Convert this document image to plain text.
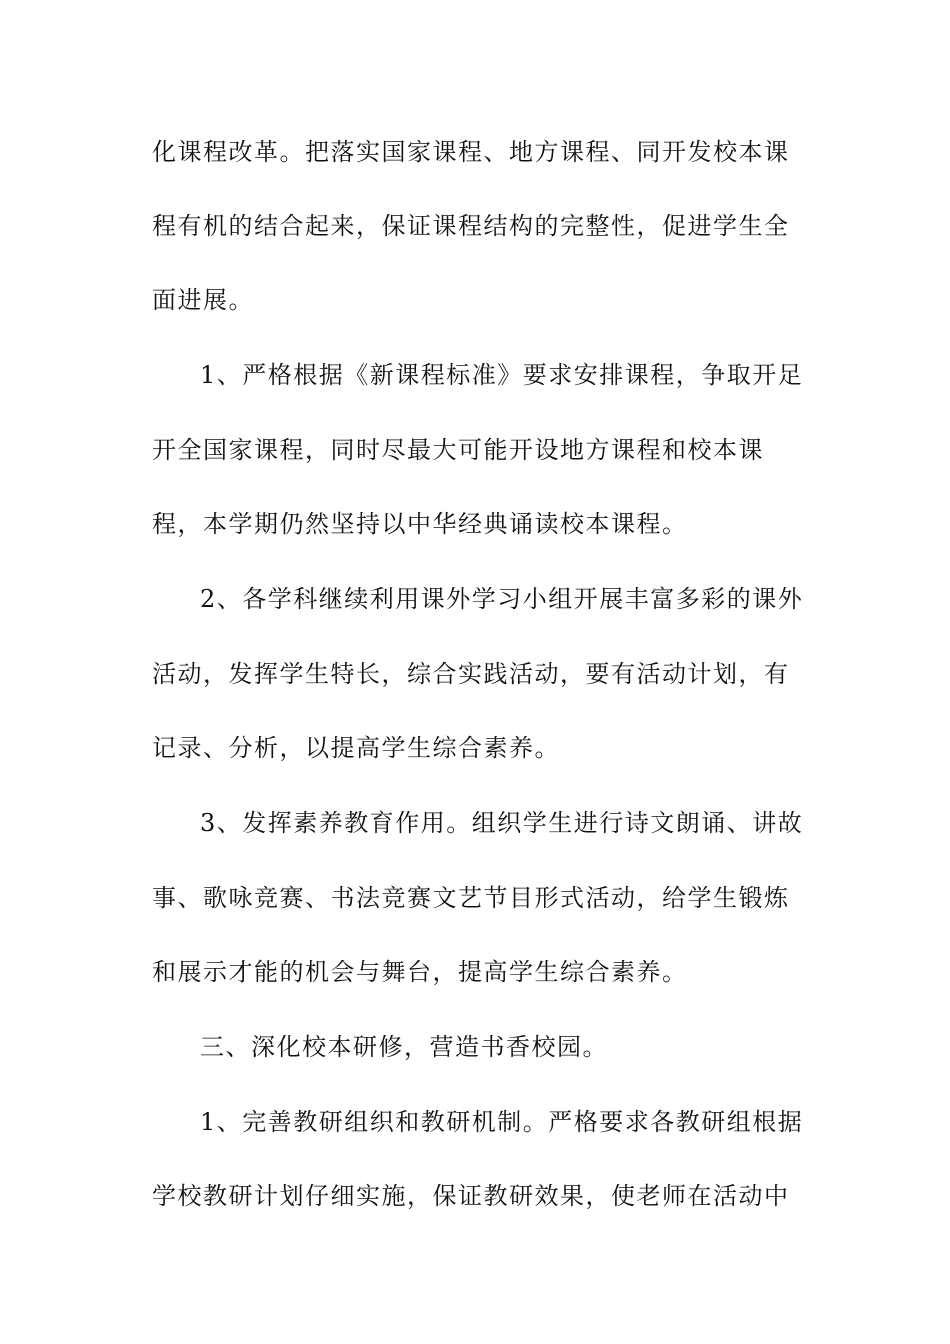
化课程改革。把落实国家课程、地方课程、同开发校本课
程有机的结合起来，保证课程结构的完整性，促进学生全
面进展。
1、严格根据《新课程标准》要求安排课程，争取开足
开全国家课程，同时尽最大可能开设地方课程和校本课
程，本学期仍然坚持以中华经典诵读校本课程。
2、各学科继续利用课外学习小组开展丰富多彩的课外
活动，发挥学生特长，综合实践活动，要有活动计划，有
记录、分析，以提高学生综合素养。
3、发挥素养教育作用。组织学生进行诗文朗诵、讲故
事、歌咏竞赛、书法竞赛文艺节目形式活动，给学生锻炼
和展示才能的机会与舞台，提高学生综合素养。
三、深化校本研修，营造书香校园。
1、完善教研组织和教研机制。严格要求各教研组根据
学校教研计划仔细实施，保证教研效果，使老师在活动中
